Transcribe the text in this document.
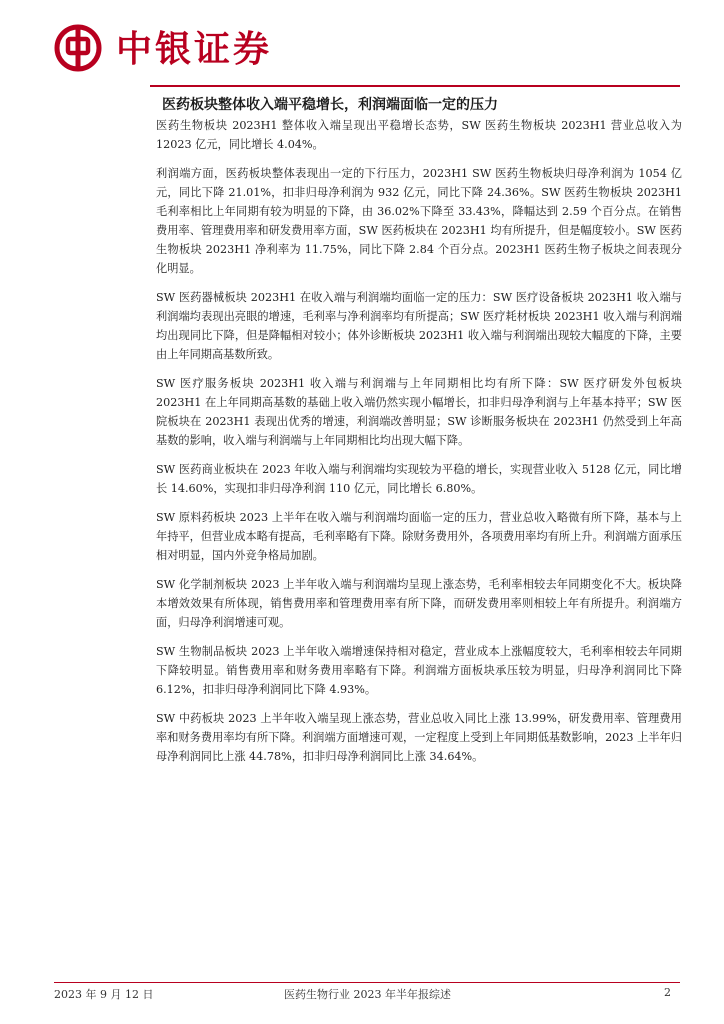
中银证券
医药板块整体收入端平稳增长，利润端面临一定的压力

医药生物板块 2023H1 整体收入端呈现出平稳增长态势，SW 医药生物板块 2023H1 营业总收入为 12023 亿元，同比增长 4.04%。

利润端方面，医药板块整体表现出一定的下行压力，2023H1 SW 医药生物板块归母净利润为 1054 亿元，同比下降 21.01%，扣非归母净利润为 932 亿元，同比下降 24.36%。SW 医药生物板块 2023H1 毛利率相比上年同期有较为明显的下降，由 36.02%下降至 33.43%，降幅达到 2.59 个百分点。在销售费用率、管理费用率和研发费用率方面，SW 医药板块在 2023H1 均有所提升，但是幅度较小。SW 医药生物板块 2023H1 净利率为 11.75%，同比下降 2.84 个百分点。2023H1 医药生物子板块之间表现分化明显。

SW 医药器械板块 2023H1 在收入端与利润端均面临一定的压力：SW 医疗设备板块 2023H1 收入端与利润端均表现出亮眼的增速，毛利率与净利润率均有所提高；SW 医疗耗材板块 2023H1 收入端与利润端均出现同比下降，但是降幅相对较小；体外诊断板块 2023H1 收入端与利润端出现较大幅度的下降，主要由上年同期高基数所致。

SW 医疗服务板块 2023H1 收入端与利润端与上年同期相比均有所下降：SW 医疗研发外包板块 2023H1 在上年同期高基数的基础上收入端仍然实现小幅增长，扣非归母净利润与上年基本持平；SW 医院板块在 2023H1 表现出优秀的增速，利润端改善明显；SW 诊断服务板块在 2023H1 仍然受到上年高基数的影响，收入端与利润端与上年同期相比均出现大幅下降。

SW 医药商业板块在 2023 年收入端与利润端均实现较为平稳的增长，实现营业收入 5128 亿元，同比增长 14.60%，实现扣非归母净利润 110 亿元，同比增长 6.80%。

SW 原料药板块 2023 上半年在收入端与利润端均面临一定的压力，营业总收入略微有所下降，基本与上年持平，但营业成本略有提高，毛利率略有下降。除财务费用外，各项费用率均有所上升。利润端方面承压相对明显，国内外竞争格局加剧。

SW 化学制剂板块 2023 上半年收入端与利润端均呈现上涨态势，毛利率相较去年同期变化不大。板块降本增效效果有所体现，销售费用率和管理费用率有所下降，而研发费用率则相较上年有所提升。利润端方面，归母净利润增速可观。

SW 生物制品板块 2023 上半年收入端增速保持相对稳定，营业成本上涨幅度较大，毛利率相较去年同期下降较明显。销售费用率和财务费用率略有下降。利润端方面板块承压较为明显，归母净利润同比下降 6.12%，扣非归母净利润同比下降 4.93%。

SW 中药板块 2023 上半年收入端呈现上涨态势，营业总收入同比上涨 13.99%，研发费用率、管理费用率和财务费用率均有所下降。利润端方面增速可观，一定程度上受到上年同期低基数影响，2023 上半年归母净利润同比上涨 44.78%，扣非归母净利润同比上涨 34.64%。

2023 年 9 月 12 日	医药生物行业 2023 年半年报综述	2
